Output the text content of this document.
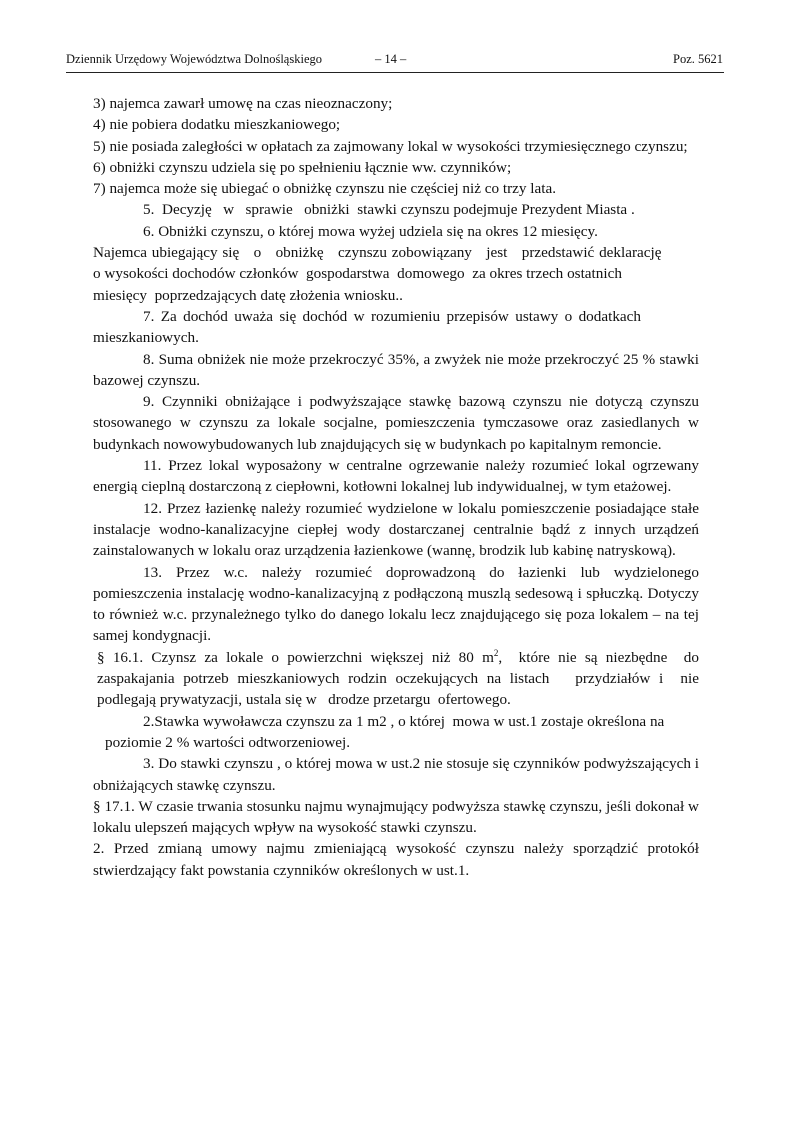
Dziennik Urzędowy Województwa Dolnośląskiego	– 14 –	Poz. 5621

3) najemca zawarł umowę na czas nieoznaczony;

4) nie pobiera dodatku mieszkaniowego;

5) nie posiada zaległości w opłatach za zajmowany lokal w wysokości trzymiesięcznego czynszu;

6) obniżki czynszu udziela się po spełnieniu łącznie ww. czynników;

7) najemca może się ubiegać o obniżkę czynszu nie częściej niż co trzy lata.

5.  Decyzję   w   sprawie   obniżki  stawki czynszu podejmuje Prezydent Miasta .

6. Obniżki czynszu, o której mowa wyżej udziela się na okres 12 miesięcy.

Najemca ubiegający się   o   obniżkę   czynszu zobowiązany   jest   przedstawić deklarację

o wysokości dochodów członków  gospodarstwa  domowego  za okres trzech ostatnich

miesięcy  poprzedzających datę złożenia wniosku..

7. Za dochód uważa się dochód w rozumieniu przepisów ustawy o dodatkach mieszkaniowych.

8. Suma obniżek nie może przekroczyć 35%, a zwyżek nie może przekroczyć 25 % stawki bazowej czynszu.

9. Czynniki obniżające i podwyższające stawkę bazową czynszu nie dotyczą czynszu stosowanego w czynszu za lokale socjalne, pomieszczenia tymczasowe oraz zasiedlanych w budynkach nowowybudowanych lub znajdujących się w budynkach po kapitalnym remoncie.

11. Przez lokal wyposażony w centralne ogrzewanie należy rozumieć lokal ogrzewany energią cieplną dostarczoną z ciepłowni, kotłowni lokalnej lub indywidualnej, w tym etażowej.

12. Przez łazienkę należy rozumieć wydzielone w lokalu pomieszczenie posiadające stałe instalacje wodno-kanalizacyjne ciepłej wody dostarczanej centralnie bądź z innych urządzeń zainstalowanych w lokalu oraz urządzenia łazienkowe (wannę, brodzik lub kabinę natryskową).

13. Przez w.c. należy rozumieć doprowadzoną do łazienki lub wydzielonego pomieszczenia instalację wodno-kanalizacyjną z podłączoną muszlą sedesową i spłuczką. Dotyczy to również w.c. przynależnego tylko do danego lokalu lecz znajdującego się poza lokalem – na tej samej kondygnacji.

§ 16.1. Czynsz za lokale o powierzchni większej niż 80 $m^2$,  które nie są niezbędne  do zaspakajania potrzeb mieszkaniowych rodzin oczekujących na listach   przydziałów i  nie podlegają prywatyzacji, ustala się w   drodze przetargu  ofertowego.

2.Stawka wywoławcza czynszu za 1 m2 , o której  mowa w ust.1 zostaje określona na

poziomie 2 % wartości odtworzeniowej.

3. Do stawki czynszu , o której mowa w ust.2 nie stosuje się czynników podwyższających i obniżających stawkę czynszu.

§ 17.1. W czasie trwania stosunku najmu wynajmujący podwyższa stawkę czynszu, jeśli dokonał w lokalu ulepszeń mających wpływ na wysokość stawki czynszu.

2. Przed zmianą umowy najmu zmieniającą wysokość czynszu należy sporządzić protokół stwierdzający fakt powstania czynników określonych w ust.1.
